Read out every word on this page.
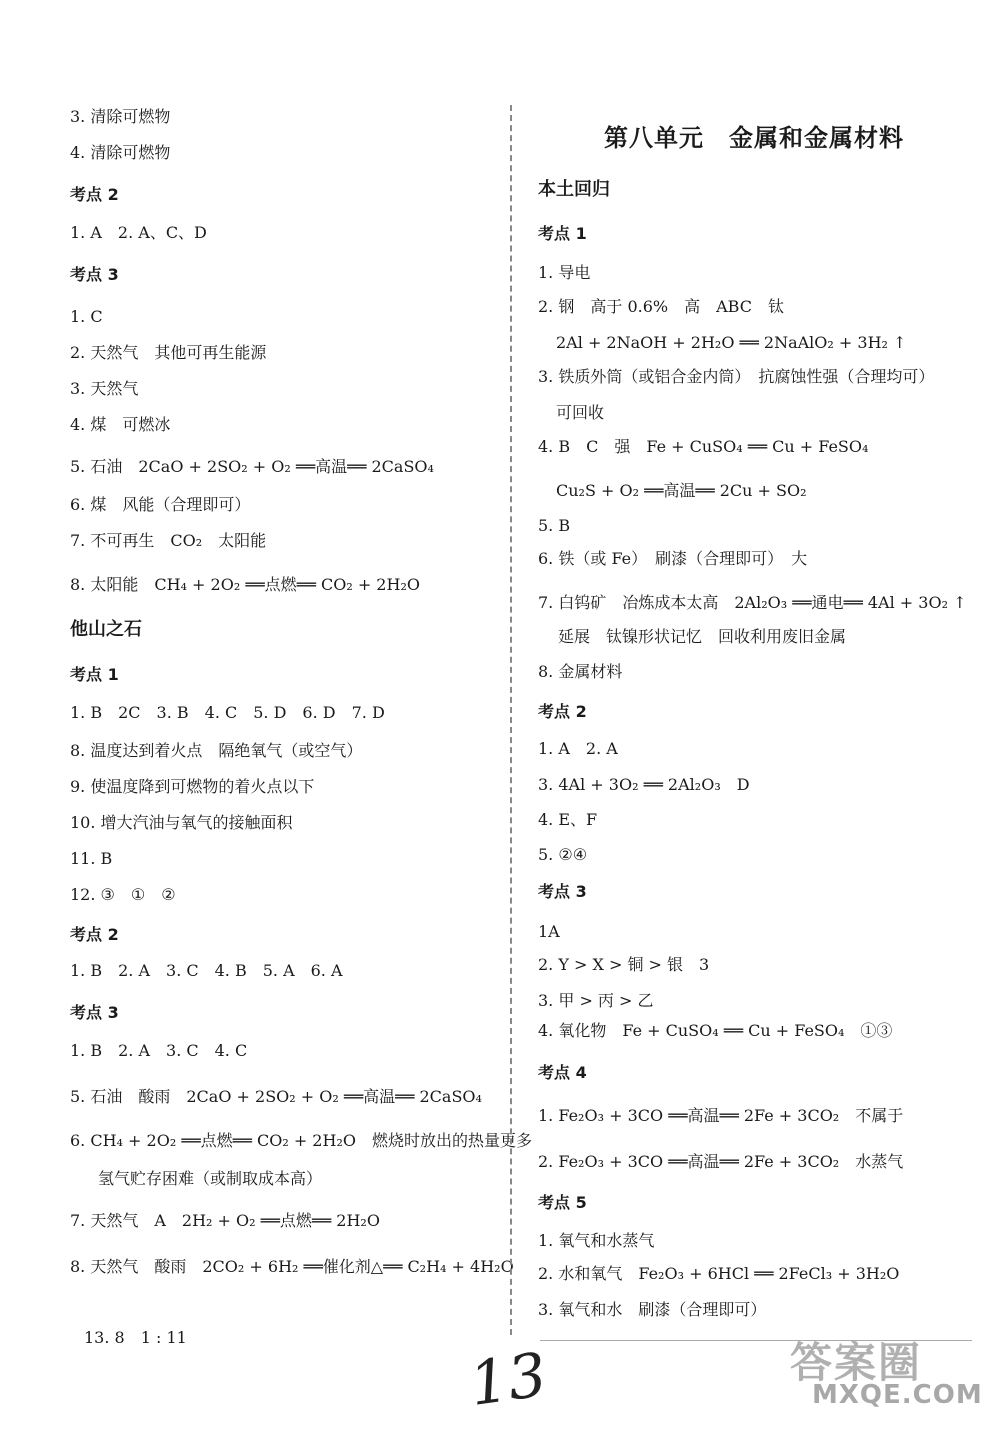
3. 清除可燃物
4. 清除可燃物
考点 2
1. A　2. A、C、D
考点 3
1. C
2. 天然气　其他可再生能源
3. 天然气
4. 煤　可燃冰
5. 石油　2CaO + 2SO₂ + O₂ ══高温══ 2CaSO₄
6. 煤　风能（合理即可）
7. 不可再生　CO₂　太阳能
8. 太阳能　CH₄ + 2O₂ ══点燃══ CO₂ + 2H₂O
他山之石
考点 1
1. B　2C　3. B　4. C　5. D　6. D　7. D
8. 温度达到着火点　隔绝氧气（或空气）
9. 使温度降到可燃物的着火点以下
10. 增大汽油与氧气的接触面积
11. B
12. ③　①　②
考点 2
1. B　2. A　3. C　4. B　5. A　6. A
考点 3
1. B　2. A　3. C　4. C
5. 石油　酸雨　2CaO + 2SO₂ + O₂ ══高温══ 2CaSO₄
6. CH₄ + 2O₂ ══点燃══ CO₂ + 2H₂O　燃烧时放出的热量更多
氢气贮存困难（或制取成本高）
7. 天然气　A　2H₂ + O₂ ══点燃══ 2H₂O
8. 天然气　酸雨　2CO₂ + 6H₂ ══催化剂△══ C₂H₄ + 4H₂O
13. 8　1 : 11
第八单元　金属和金属材料
本土回归
考点 1
1. 导电
2. 钢　高于 0.6%　高　ABC　钛
2Al + 2NaOH + 2H₂O ══ 2NaAlO₂ + 3H₂ ↑
3. 铁质外筒（或铝合金内筒）　抗腐蚀性强（合理均可）
可回收
4. B　C　强　Fe + CuSO₄ ══ Cu + FeSO₄
Cu₂S + O₂ ══高温══ 2Cu + SO₂
5. B
6. 铁（或 Fe）　刷漆（合理即可）　大
7. 白钨矿　冶炼成本太高　2Al₂O₃ ══通电══ 4Al + 3O₂ ↑
延展　钛镍形状记忆　回收利用废旧金属
8. 金属材料
考点 2
1. A　2. A
3. 4Al + 3O₂ ══ 2Al₂O₃　D
4. E、F
5. ②④
考点 3
1A
2. Y > X > 铜 > 银　3
3. 甲 > 丙 > 乙
4. 氧化物　Fe + CuSO₄ ══ Cu + FeSO₄　①③
考点 4
1. Fe₂O₃ + 3CO ══高温══ 2Fe + 3CO₂　不属于
2. Fe₂O₃ + 3CO ══高温══ 2Fe + 3CO₂　水蒸气
考点 5
1. 氧气和水蒸气
2. 水和氧气　Fe₂O₃ + 6HCl ══ 2FeCl₃ + 3H₂O
3. 氧气和水　刷漆（合理即可）
13	答案圈
MXQE.COM
